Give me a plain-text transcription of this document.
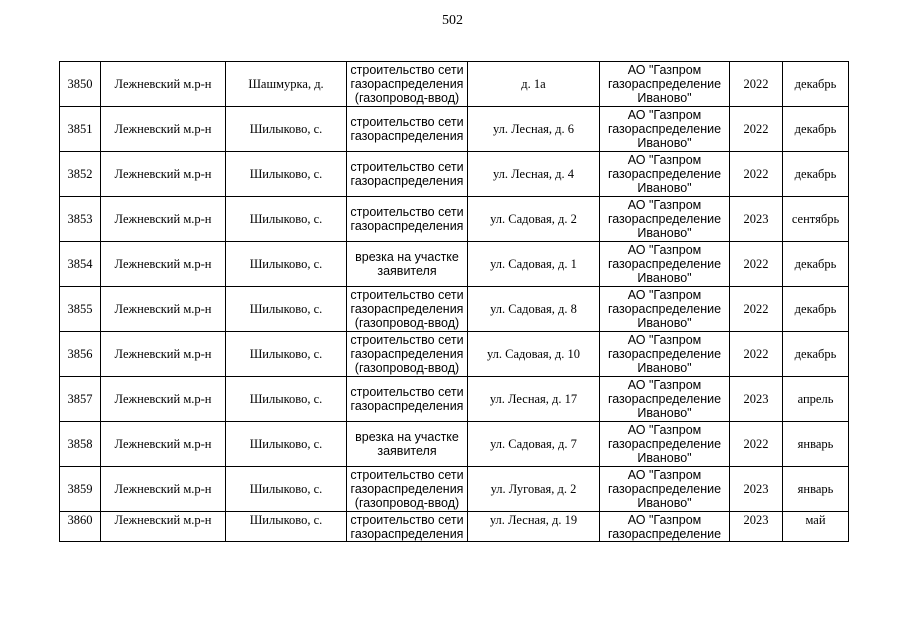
502
3850	Лежневский м.р-н	Шашмурка, д.	строительство сети
газораспределения
(газопровод-ввод)	д. 1а	АО "Газпром
газораспределение
Иваново"	2022	декабрь
3851	Лежневский м.р-н	Шилыково, с.	строительство сети
газораспределения	ул. Лесная, д. 6	АО "Газпром
газораспределение
Иваново"	2022	декабрь
3852	Лежневский м.р-н	Шилыково, с.	строительство сети
газораспределения	ул. Лесная, д. 4	АО "Газпром
газораспределение
Иваново"	2022	декабрь
3853	Лежневский м.р-н	Шилыково, с.	строительство сети
газораспределения	ул. Садовая, д. 2	АО "Газпром
газораспределение
Иваново"	2023	сентябрь
3854	Лежневский м.р-н	Шилыково, с.	врезка на участке
заявителя	ул. Садовая, д. 1	АО "Газпром
газораспределение
Иваново"	2022	декабрь
3855	Лежневский м.р-н	Шилыково, с.	строительство сети
газораспределения
(газопровод-ввод)	ул. Садовая, д. 8	АО "Газпром
газораспределение
Иваново"	2022	декабрь
3856	Лежневский м.р-н	Шилыково, с.	строительство сети
газораспределения
(газопровод-ввод)	ул. Садовая, д. 10	АО "Газпром
газораспределение
Иваново"	2022	декабрь
3857	Лежневский м.р-н	Шилыково, с.	строительство сети
газораспределения	ул. Лесная, д. 17	АО "Газпром
газораспределение
Иваново"	2023	апрель
3858	Лежневский м.р-н	Шилыково, с.	врезка на участке
заявителя	ул. Садовая, д. 7	АО "Газпром
газораспределение
Иваново"	2022	январь
3859	Лежневский м.р-н	Шилыково, с.	строительство сети
газораспределения
(газопровод-ввод)	ул. Луговая, д. 2	АО "Газпром
газораспределение
Иваново"	2023	январь
3860	Лежневский м.р-н	Шилыково, с.	строительство сети
газораспределения	ул. Лесная, д. 19	АО "Газпром
газораспределение	2023	май
